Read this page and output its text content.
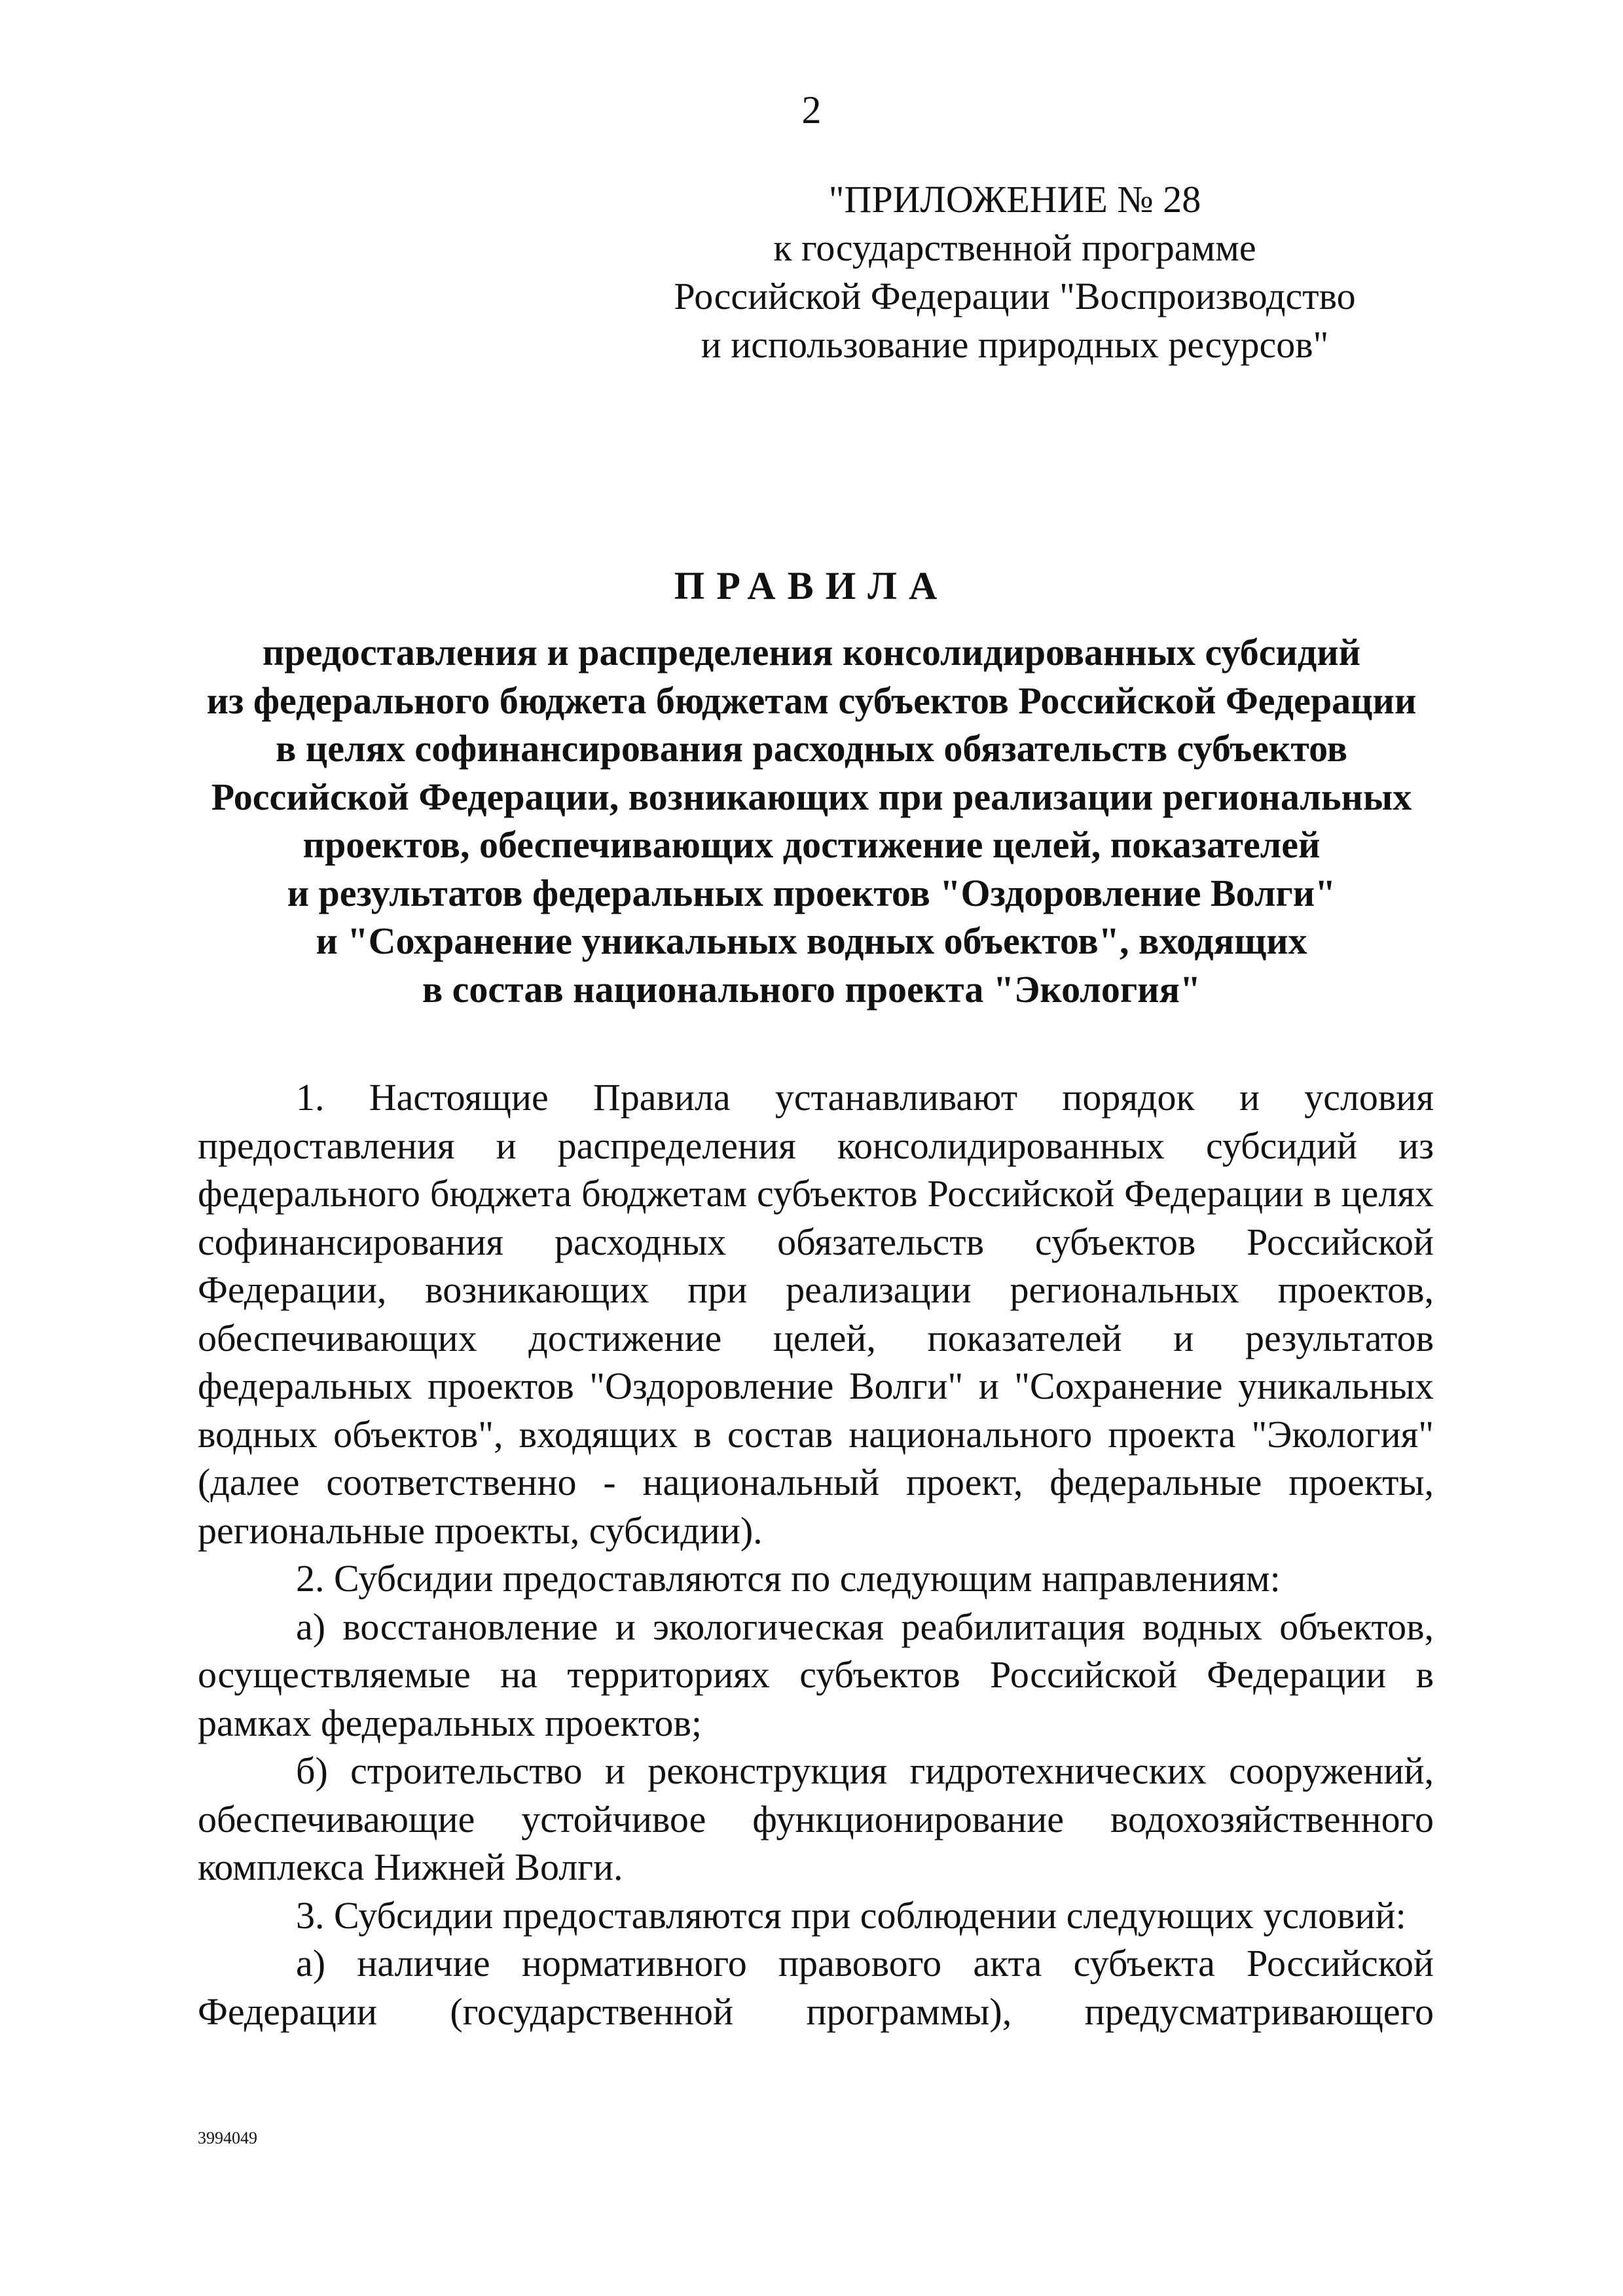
2
"ПРИЛОЖЕНИЕ № 28
к государственной программе
Российской Федерации "Воспроизводство
и использование природных ресурсов"
ПРАВИЛА
предоставления и распределения консолидированных субсидий
из федерального бюджета бюджетам субъектов Российской Федерации
в целях софинансирования расходных обязательств субъектов
Российской Федерации, возникающих при реализации региональных
проектов, обеспечивающих достижение целей, показателей
и результатов федеральных проектов "Оздоровление Волги"
и "Сохранение уникальных водных объектов", входящих
в состав национального проекта "Экология"

1. Настоящие Правила устанавливают порядок и условия предоставления и распределения консолидированных субсидий из федерального бюджета бюджетам субъектов Российской Федерации в целях софинансирования расходных обязательств субъектов Российской Федерации, возникающих при реализации региональных проектов, обеспечивающих достижение целей, показателей и результатов федеральных проектов "Оздоровление Волги" и "Сохранение уникальных водных объектов", входящих в состав национального проекта "Экология" (далее соответственно - национальный проект, федеральные проекты, региональные проекты, субсидии).

2. Субсидии предоставляются по следующим направлениям:

а) восстановление и экологическая реабилитация водных объектов, осуществляемые на территориях субъектов Российской Федерации в рамках федеральных проектов;

б) строительство и реконструкция гидротехнических сооружений, обеспечивающие устойчивое функционирование водохозяйственного комплекса Нижней Волги.

3. Субсидии предоставляются при соблюдении следующих условий:

а) наличие нормативного правового акта субъекта Российской Федерации (государственной программы), предусматривающего

3994049
